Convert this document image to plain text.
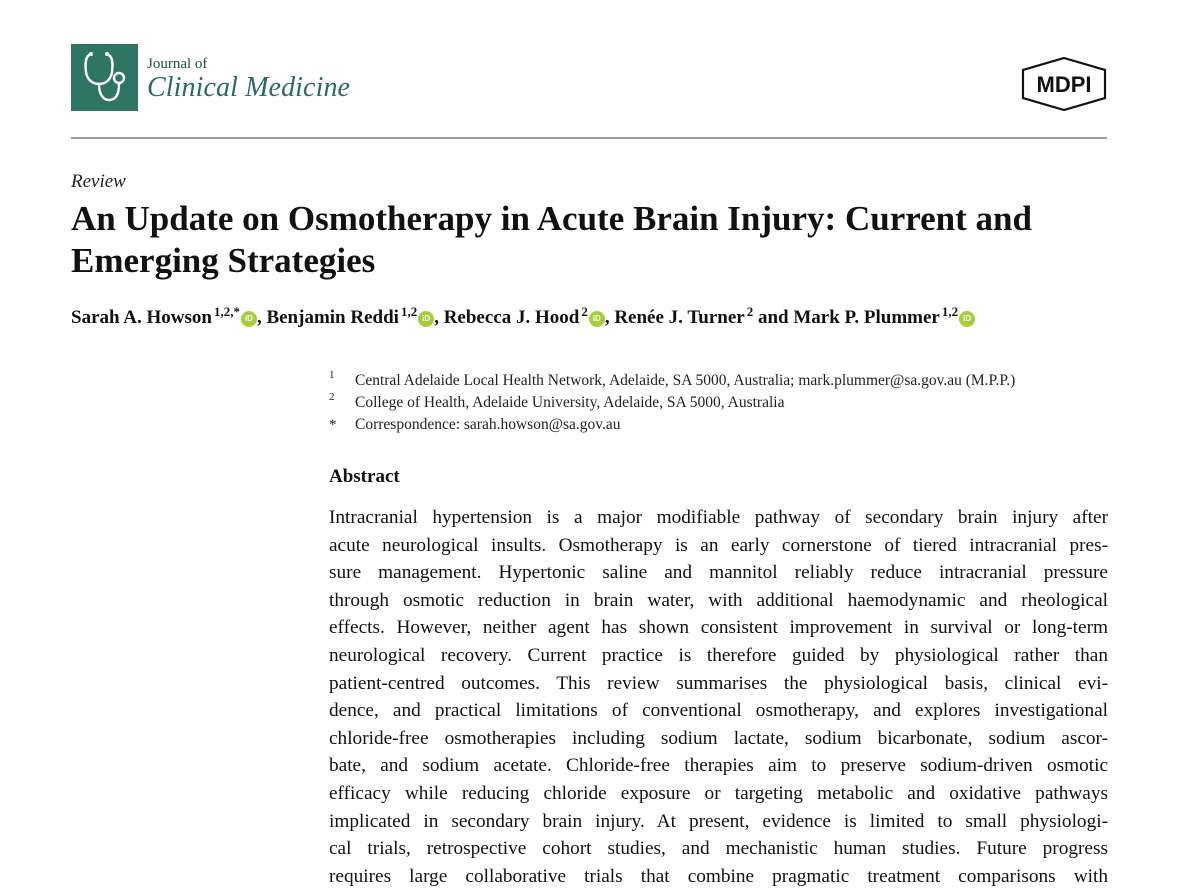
Journal of
Clinical Medicine	MDPI
Review
An Update on Osmotherapy in Acute Brain Injury: Current and
Emerging Strategies
Sarah A. Howson $^{1,2,*}$ iD , Benjamin Reddi $^{1,2}$ iD , Rebecca J. Hood $^2$ iD , Renée J. Turner $^2$ and Mark P. Plummer $^{1,2}$ iD
1 Central Adelaide Local Health Network, Adelaide, SA 5000, Australia; mark.plummer@sa.gov.au (M.P.P.)
2 College of Health, Adelaide University, Adelaide, SA 5000, Australia
* Correspondence: sarah.howson@sa.gov.au
Abstract
Intracranial hypertension is a major modifiable pathway of secondary brain injury after
acute neurological insults. Osmotherapy is an early cornerstone of tiered intracranial pres-
sure management. Hypertonic saline and mannitol reliably reduce intracranial pressure
through osmotic reduction in brain water, with additional haemodynamic and rheological
effects. However, neither agent has shown consistent improvement in survival or long-term
neurological recovery. Current practice is therefore guided by physiological rather than
patient-centred outcomes. This review summarises the physiological basis, clinical evi-
dence, and practical limitations of conventional osmotherapy, and explores investigational
chloride-free osmotherapies including sodium lactate, sodium bicarbonate, sodium ascor-
bate, and sodium acetate. Chloride-free therapies aim to preserve sodium-driven osmotic
efficacy while reducing chloride exposure or targeting metabolic and oxidative pathways
implicated in secondary brain injury. At present, evidence is limited to small physiologi-
cal trials, retrospective cohort studies, and mechanistic human studies. Future progress
requires large collaborative trials that combine pragmatic treatment comparisons with
